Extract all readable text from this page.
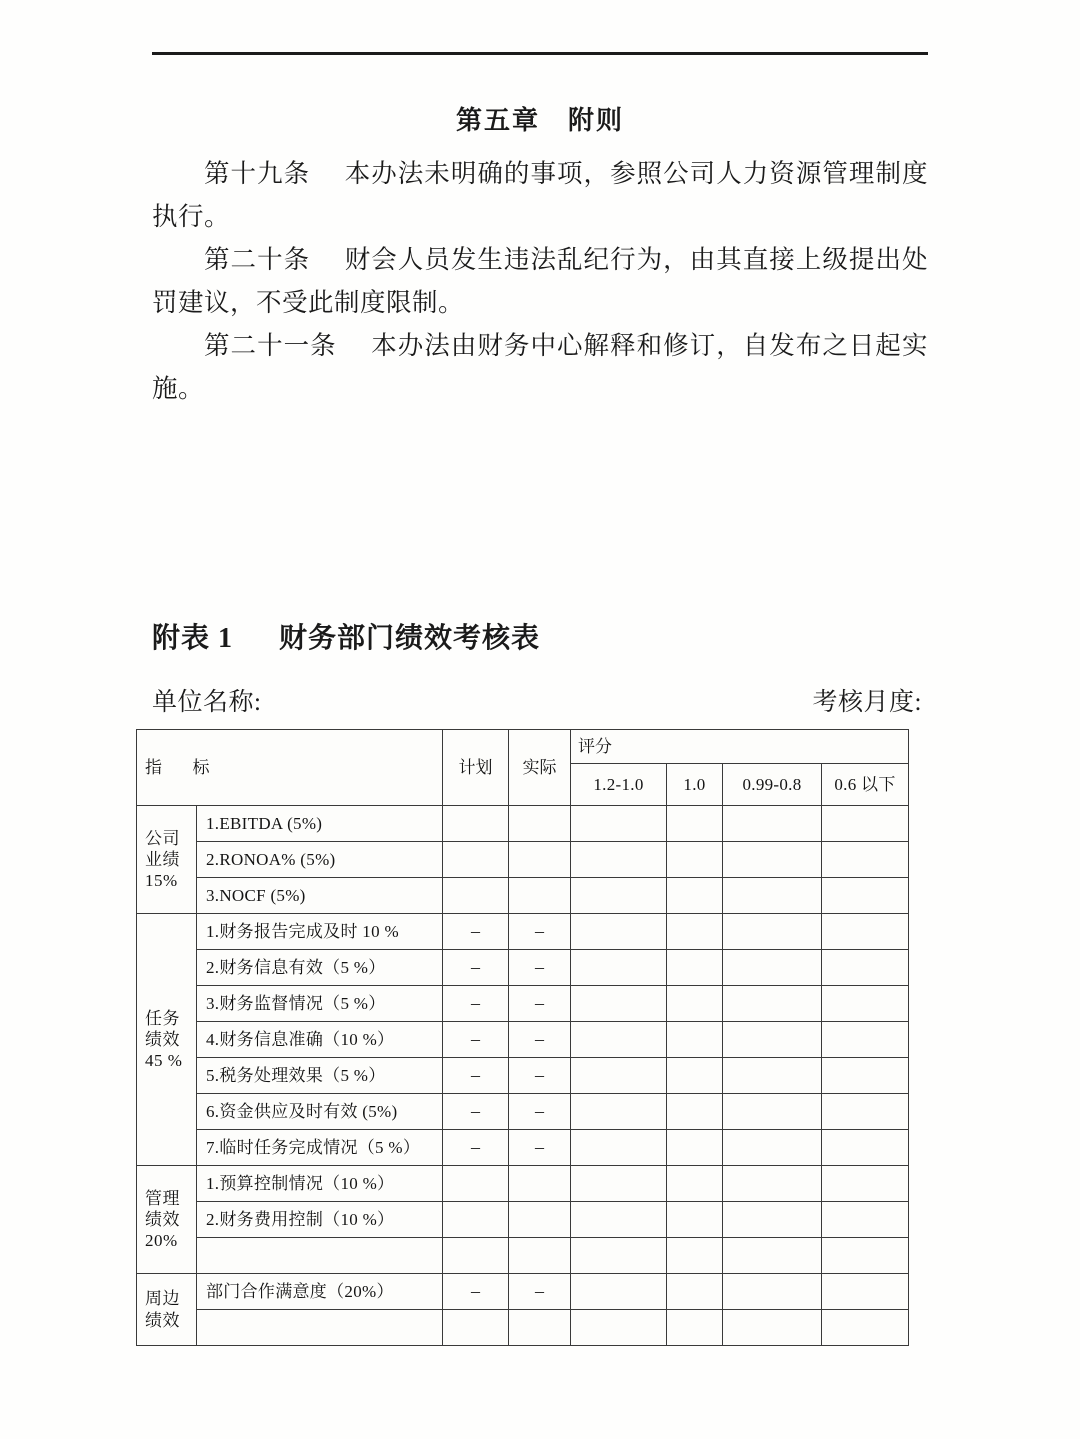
第五章 附则

第十九条 本办法未明确的事项，参照公司人力资源管理制度执行。

第二十条 财会人员发生违法乱纪行为，由其直接上级提出处罚建议，不受此制度限制。

第二十一条 本办法由财务中心解释和修订，自发布之日起实施。

附表 1 财务部门绩效考核表
单位名称:	考核月度:
指 标		计划	实际	评分			
				1.2-1.0	1.0	0.99-0.8	0.6 以下

公司
业绩
15%	1.EBITDA (5%)						
	2.RONOA% (5%)						
	3.NOCF (5%)						

任务
绩效
45 %	1.财务报告完成及时 10 %	–	–				
	2.财务信息有效（5 %）	–	–				
	3.财务监督情况（5 %）	–	–				
	4.财务信息准确（10 %）	–	–				
	5.税务处理效果（5 %）	–	–				
	6.资金供应及时有效 (5%)	–	–				
	7.临时任务完成情况（5 %）	–	–				

管理
绩效
20%	1.预算控制情况（10 %）						
	2.财务费用控制（10 %）						

周边
绩效	部门合作满意度（20%）	–	–				
